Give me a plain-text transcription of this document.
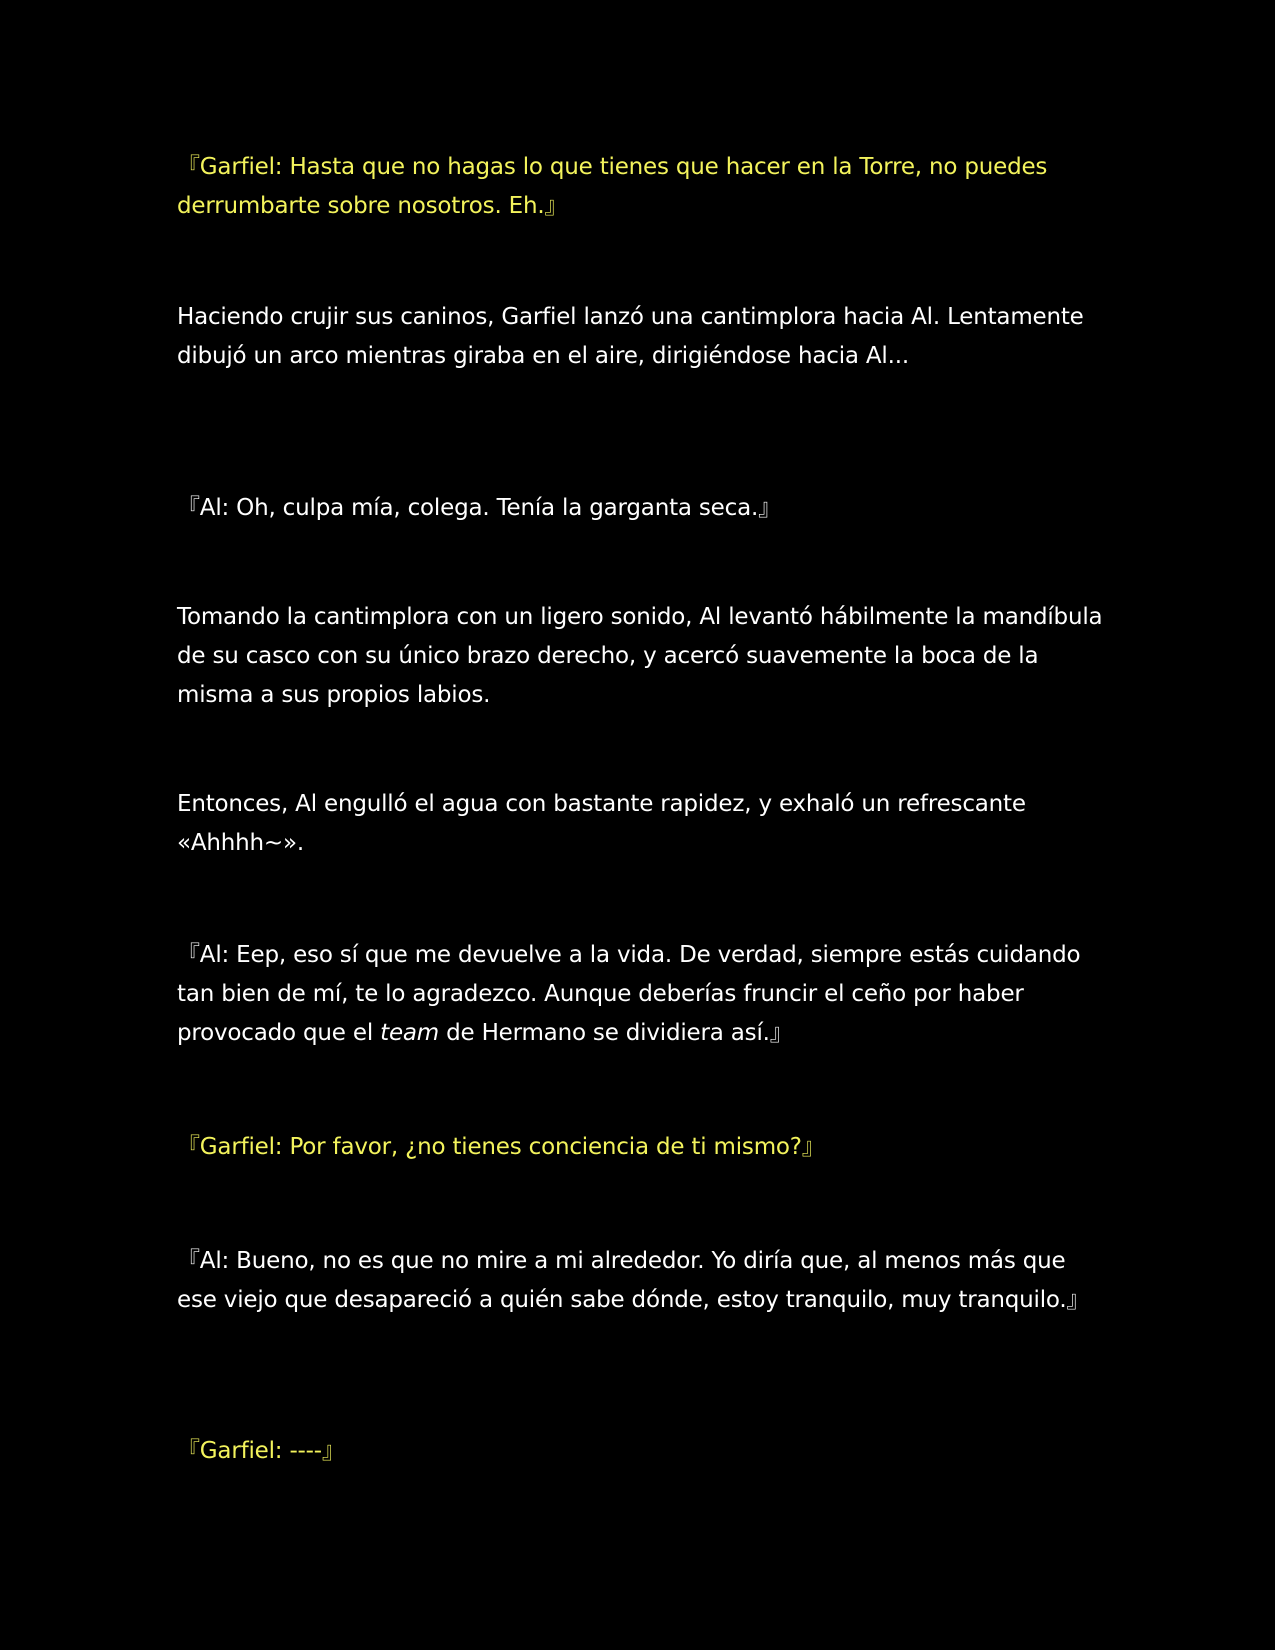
『Garfiel: Hasta que no hagas lo que tienes que hacer en la Torre, no puedes derrumbarte sobre nosotros. Eh.』

Haciendo crujir sus caninos, Garfiel lanzó una cantimplora hacia Al. Lentamente dibujó un arco mientras giraba en el aire, dirigiéndose hacia Al...

『Al: Oh, culpa mía, colega. Tenía la garganta seca.』

Tomando la cantimplora con un ligero sonido, Al levantó hábilmente la mandíbula de su casco con su único brazo derecho, y acercó suavemente la boca de la misma a sus propios labios.

Entonces, Al engulló el agua con bastante rapidez, y exhaló un refrescante «Ahhhh~».

『Al: Eep, eso sí que me devuelve a la vida. De verdad, siempre estás cuidando tan bien de mí, te lo agradezco. Aunque deberías fruncir el ceño por haber provocado que el team de Hermano se dividiera así.』

『Garfiel: Por favor, ¿no tienes conciencia de ti mismo?』

『Al: Bueno, no es que no mire a mi alrededor. Yo diría que, al menos más que ese viejo que desapareció a quién sabe dónde, estoy tranquilo, muy tranquilo.』

『Garfiel: ----』
